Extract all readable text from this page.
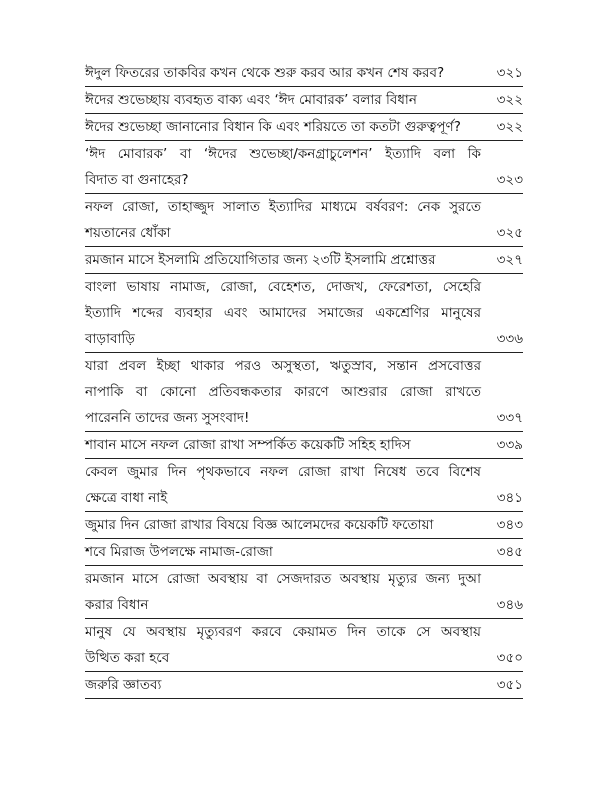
ঈদুল ফিতরের তাকবির কখন থেকে শুরু করব আর কখন শেষ করব?	৩২১
ঈদের শুভেচ্ছায় ব্যবহৃত বাক্য এবং ‘ঈদ মোবারক’ বলার বিধান	৩২২
ঈদের শুভেচ্ছা জানানোর বিধান কি এবং শরিয়তে তা কতটা গুরুত্বপূর্ণ?	৩২২
‘ঈদ মোবারক’ বা ‘ঈদের শুভেচ্ছা/কনগ্রাচুলেশন’ ইত্যাদি বলা কি
বিদাত বা গুনাহের?	৩২৩
নফল রোজা, তাহাজ্জুদ সালাত ইত্যাদির মাধ্যমে বর্ষবরণ: নেক সুরতে
শয়তানের ধোঁকা	৩২৫
রমজান মাসে ইসলামি প্রতিযোগিতার জন্য ২৩টি ইসলামি প্রশ্নোত্তর	৩২৭
বাংলা ভাষায় নামাজ, রোজা, বেহেশত, দোজখ, ফেরেশতা, সেহেরি
ইত্যাদি শব্দের ব্যবহার এবং আমাদের সমাজের একশ্রেণির মানুষের
বাড়াবাড়ি	৩৩৬
যারা প্রবল ইচ্ছা থাকার পরও অসুস্থতা, ঋতুস্রাব, সন্তান প্রসবোত্তর
নাপাকি বা কোনো প্রতিবন্ধকতার কারণে আশুরার রোজা রাখতে
পারেননি তাদের জন্য সুসংবাদ!	৩৩৭
শাবান মাসে নফল রোজা রাখা সম্পর্কিত কয়েকটি সহিহ হাদিস	৩৩৯
কেবল জুমার দিন পৃথকভাবে নফল রোজা রাখা নিষেধ তবে বিশেষ
ক্ষেত্রে বাধা নাই	৩৪১
জুমার দিন রোজা রাখার বিষয়ে বিজ্ঞ আলেমদের কয়েকটি ফতোয়া	৩৪৩
শবে মিরাজ উপলক্ষে নামাজ-রোজা	৩৪৫
রমজান মাসে রোজা অবস্থায় বা সেজদারত অবস্থায় মৃত্যুর জন্য দুআ
করার বিধান	৩৪৬
মানুষ যে অবস্থায় মৃত্যুবরণ করবে কেয়ামত দিন তাকে সে অবস্থায়
উত্থিত করা হবে	৩৫০
জরুরি জ্ঞাতব্য	৩৫১
